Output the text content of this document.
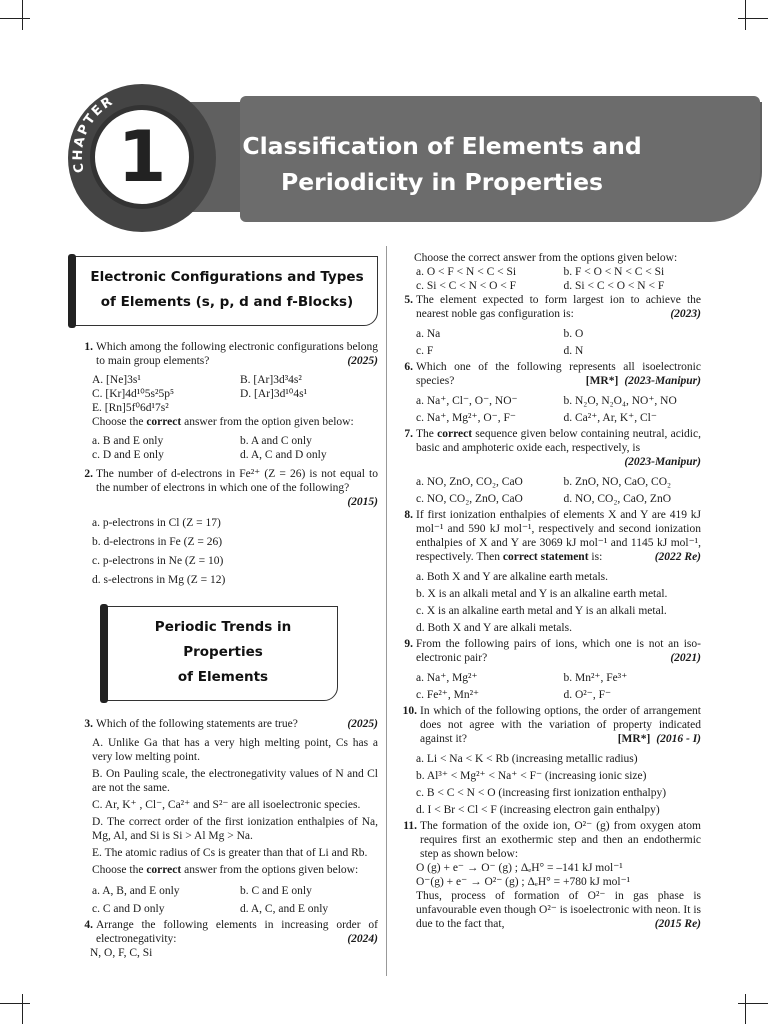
CHAPTER
1	Classification of Elements and
Periodicity in Properties
Electronic Configurations and Types
of Elements (s, p, d and f-Blocks)
1. Which among the following electronic configurations belong to main group elements?	(2025)
A. [Ne]3s¹	B. [Ar]3d³4s²
C. [Kr]4d¹⁰5s²5p⁵	D. [Ar]3d¹⁰4s¹
E. [Rn]5f⁰6d¹7s²
Choose the correct answer from the option given below:
a. B and E only	b. A and C only
c. D and E only	d. A, C and D only
2. The number of d-electrons in Fe²⁺ (Z = 26) is not equal to the number of electrons in which one of the following?
(2015)
a. p-electrons in Cl (Z = 17)
b. d-electrons in Fe (Z = 26)
c. p-electrons in Ne (Z = 10)
d. s-electrons in Mg (Z = 12)
Periodic Trends in Properties
of Elements
3. Which of the following statements are true?	(2025)
A. Unlike Ga that has a very high melting point, Cs has a very low melting point.
B. On Pauling scale, the electronegativity values of N and Cl are not the same.
C. Ar, K⁺ , Cl⁻, Ca²⁺ and S²⁻ are all isoelectronic species.
D. The correct order of the first ionization enthalpies of Na, Mg, Al, and Si is Si > Al Mg > Na.
E. The atomic radius of Cs is greater than that of Li and Rb.
Choose the correct answer from the options given below:
a. A, B, and E only	b. C and E only
c. C and D only	d. A, C, and E only
4. Arrange the following elements in increasing order of electronegativity:	(2024)
N, O, F, C, Si
Choose the correct answer from the options given below:
a. O < F < N < C < Si	b. F < O < N < C < Si
c. Si < C < N < O < F	d. Si < C < O < N < F
5. The element expected to form largest ion to achieve the nearest noble gas configuration is:	(2023)
a. Na	b. O
c. F	d. N
6. Which one of the following represents all isoelectronic species?	(2023-Manipur)
[MR*]
a. Na⁺, Cl⁻, O⁻, NO⁻	b. N₂O, N₂O₄, NO⁺, NO
c. Na⁺, Mg²⁺, O⁻, F⁻	d. Ca²⁺, Ar, K⁺, Cl⁻
7. The correct sequence given below containing neutral, acidic, basic and amphoteric oxide each, respectively, is
(2023-Manipur)
a. NO, ZnO, CO₂, CaO	b. ZnO, NO, CaO, CO₂
c. NO, CO₂, ZnO, CaO	d. NO, CO₂, CaO, ZnO
8. If first ionization enthalpies of elements X and Y are 419 kJ mol⁻¹ and 590 kJ mol⁻¹, respectively and second ionization enthalpies of X and Y are 3069 kJ mol⁻¹ and 1145 kJ mol⁻¹, respectively. Then correct statement is:	(2022 Re)
a. Both X and Y are alkaline earth metals.
b. X is an alkali metal and Y is an alkaline earth metal.
c. X is an alkaline earth metal and Y is an alkali metal.
d. Both X and Y are alkali metals.
9. From the following pairs of ions, which one is not an iso-electronic pair?	(2021)
a. Na⁺, Mg²⁺	b. Mn²⁺, Fe³⁺
c. Fe²⁺, Mn²⁺	d. O²⁻, F⁻
10. In which of the following options, the order of arrangement does not agree with the variation of property indicated against it?	(2016 - I)
[MR*]
a. Li < Na < K < Rb (increasing metallic radius)
b. Al³⁺ < Mg²⁺ < Na⁺ < F⁻ (increasing ionic size)
c. B < C < N < O (increasing first ionization enthalpy)
d. I < Br < Cl < F (increasing electron gain enthalpy)
11. The formation of the oxide ion, O²⁻ (g) from oxygen atom requires first an exothermic step and then an endothermic step as shown below:
O (g) + e⁻ → O⁻ (g) ; ΔₑH° = –141 kJ mol⁻¹
O⁻(g) + e⁻ → O²⁻ (g) ; ΔₑH° = +780 kJ mol⁻¹
Thus, process of formation of O²⁻ in gas phase is unfavourable even though O²⁻ is isoelectronic with neon. It is due to the fact that,	(2015 Re)
